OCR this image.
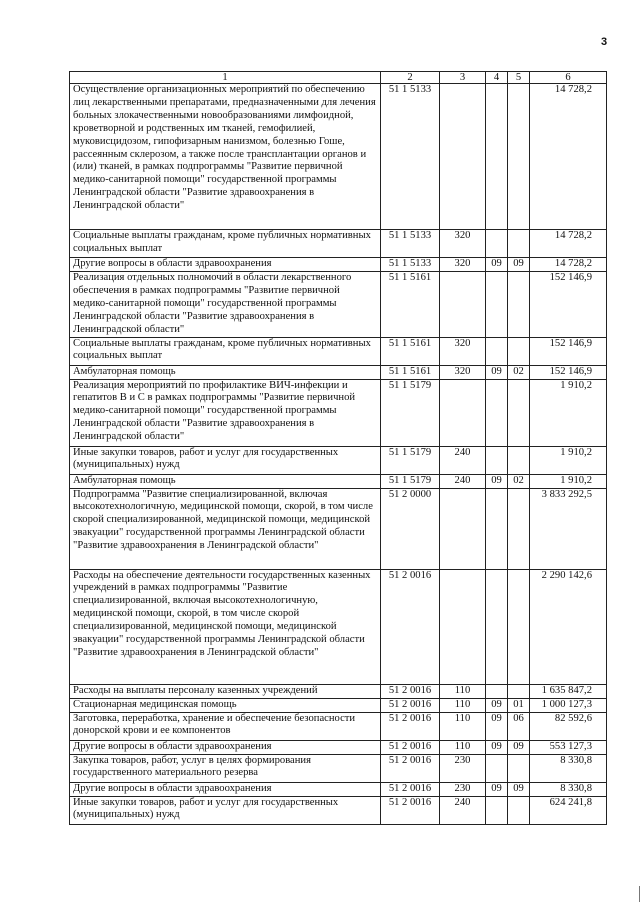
3
1	2	3	4	5	6
Осуществление организационных мероприятий по обеспечению лиц лекарственными препаратами, предназначенными для лечения больных злокачественными новообразованиями лимфоидной, кроветворной и родственных им тканей, гемофилией, муковисцидозом, гипофизарным нанизмом, болезнью Гоше, рассеянным склерозом, а также после трансплантации органов и (или) тканей, в рамках подпрограммы "Развитие первичной медико-санитарной помощи" государственной программы Ленинградской области "Развитие здравоохранения в Ленинградской области"	51 1 5133				14 728,2
Социальные выплаты гражданам, кроме публичных нормативных социальных выплат	51 1 5133	320			14 728,2
Другие вопросы в области здравоохранения	51 1 5133	320	09	09	14 728,2
Реализация отдельных полномочий в области лекарственного обеспечения в рамках подпрограммы "Развитие первичной медико-санитарной помощи" государственной программы Ленинградской области "Развитие здравоохранения в Ленинградской области"	51 1 5161				152 146,9
Социальные выплаты гражданам, кроме публичных нормативных социальных выплат	51 1 5161	320			152 146,9
Амбулаторная помощь	51 1 5161	320	09	02	152 146,9
Реализация мероприятий по профилактике ВИЧ-инфекции и гепатитов В и С в рамках подпрограммы "Развитие первичной медико-санитарной помощи" государственной программы Ленинградской области "Развитие здравоохранения в Ленинградской области"	51 1 5179				1 910,2
Иные закупки товаров, работ и услуг для государственных (муниципальных) нужд	51 1 5179	240			1 910,2
Амбулаторная помощь	51 1 5179	240	09	02	1 910,2
Подпрограмма "Развитие специализированной, включая высокотехнологичную, медицинской помощи, скорой, в том числе скорой специализированной, медицинской помощи, медицинской эвакуации" государственной программы Ленинградской области "Развитие здравоохранения в Ленинградской области"	51 2 0000				3 833 292,5
Расходы на обеспечение деятельности государственных казенных учреждений в рамках подпрограммы "Развитие специализированной, включая высокотехнологичную, медицинской помощи, скорой, в том числе скорой специализированной, медицинской помощи, медицинской эвакуации" государственной программы Ленинградской области "Развитие здравоохранения в Ленинградской области"	51 2 0016				2 290 142,6
Расходы на выплаты персоналу казенных учреждений	51 2 0016	110			1 635 847,2
Стационарная медицинская помощь	51 2 0016	110	09	01	1 000 127,3
Заготовка, переработка, хранение и обеспечение безопасности донорской крови и ее компонентов	51 2 0016	110	09	06	82 592,6
Другие вопросы в области здравоохранения	51 2 0016	110	09	09	553 127,3
Закупка товаров, работ, услуг в целях формирования государственного материального резерва	51 2 0016	230			8 330,8
Другие вопросы в области здравоохранения	51 2 0016	230	09	09	8 330,8
Иные закупки товаров, работ и услуг для государственных (муниципальных) нужд	51 2 0016	240			624 241,8
